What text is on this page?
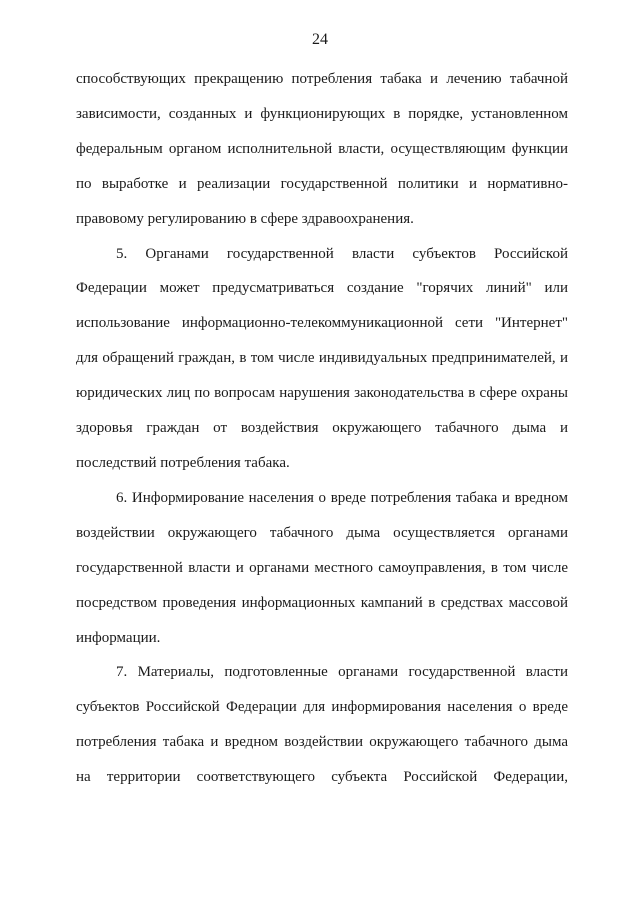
24
способствующих прекращению потребления табака и лечению табачной
зависимости, созданных и функционирующих в порядке, установленном
федеральным органом исполнительной власти, осуществляющим функции
по выработке и реализации государственной политики и нормативно-
правовому регулированию в сфере здравоохранения.
5. Органами государственной власти субъектов Российской
Федерации может предусматриваться создание "горячих линий" или
использование информационно-телекоммуникационной сети "Интернет"
для обращений граждан, в том числе индивидуальных предпринимателей, и
юридических лиц по вопросам нарушения законодательства в сфере охраны
здоровья граждан от воздействия окружающего табачного дыма и
последствий потребления табака.
6. Информирование населения о вреде потребления табака и вредном
воздействии окружающего табачного дыма осуществляется органами
государственной власти и органами местного самоуправления, в том числе
посредством проведения информационных кампаний в средствах массовой
информации.
7. Материалы, подготовленные органами государственной власти
субъектов Российской Федерации для информирования населения о вреде
потребления табака и вредном воздействии окружающего табачного дыма
на территории соответствующего субъекта Российской Федерации,
